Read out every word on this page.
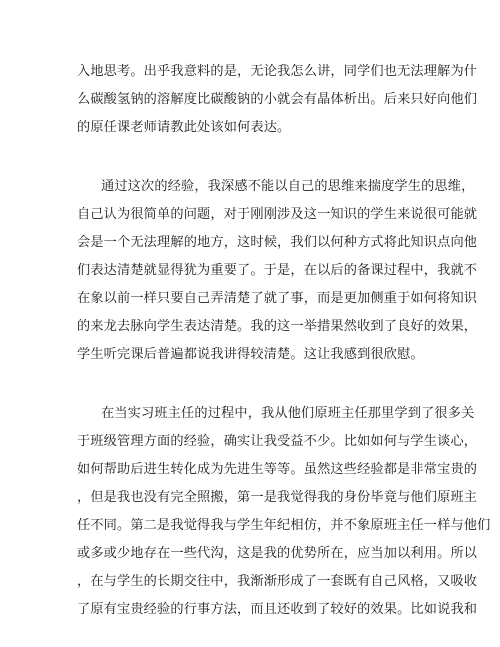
入地思考。出乎我意料的是，无论我怎么讲，同学们也无法理解为什
么碳酸氢钠的溶解度比碳酸钠的小就会有晶体析出。后来只好向他们
的原任课老师请教此处该如何表达。
通过这次的经验，我深感不能以自己的思维来揣度学生的思维，
自己认为很简单的问题，对于刚刚涉及这一知识的学生来说很可能就
会是一个无法理解的地方，这时候，我们以何种方式将此知识点向他
们表达清楚就显得犹为重要了。于是，在以后的备课过程中，我就不
在象以前一样只要自己弄清楚了就了事，而是更加侧重于如何将知识
的来龙去脉向学生表达清楚。我的这一举措果然收到了良好的效果，
学生听完课后普遍都说我讲得较清楚。这让我感到很欣慰。
在当实习班主任的过程中，我从他们原班主任那里学到了很多关
于班级管理方面的经验，确实让我受益不少。比如如何与学生谈心，
如何帮助后进生转化成为先进生等等。虽然这些经验都是非常宝贵的
，但是我也没有完全照搬，第一是我觉得我的身份毕竟与他们原班主
任不同。第二是我觉得我与学生年纪相仿，并不象原班主任一样与他们
或多或少地存在一些代沟，这是我的优势所在，应当加以利用。所以
，在与学生的长期交往中，我渐渐形成了一套既有自己风格，又吸收
了原有宝贵经验的行事方法，而且还收到了较好的效果。比如说我和
